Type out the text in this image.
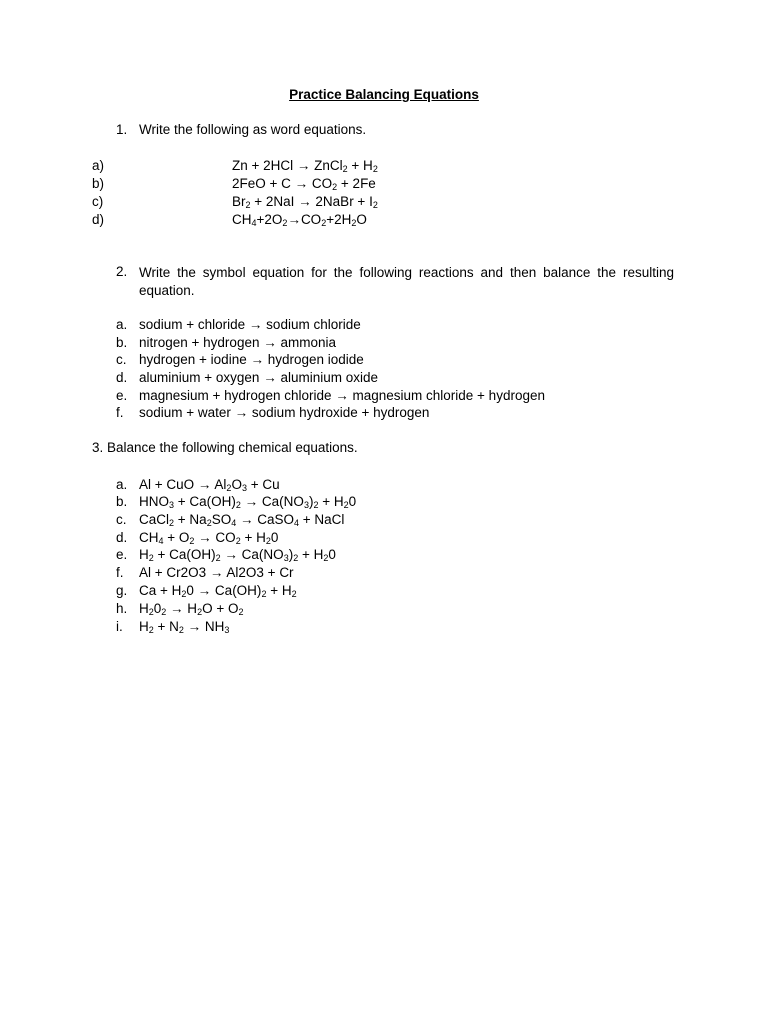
Practice Balancing Equations
1. Write the following as word equations.
a)	Zn + 2HCl → ZnCl$_2$ + $H_2$
b)	$2FeO + C \to CO_2 + 2Fe$
c)	$Br_2 + 2NaI$ → 2NaBr + $I_2$
d)	$CH_4+2O_2\to CO_2+2H_2O$
2. Write the symbol equation for the following reactions and then balance the resulting equation.
a. sodium + chloride → sodium chloride
b. nitrogen + hydrogen → ammonia
c. hydrogen + iodine → hydrogen iodide
d. aluminium + oxygen → aluminium oxide
e. magnesium + hydrogen chloride → magnesium chloride + hydrogen
f. sodium + water → sodium hydroxide + hydrogen
3. Balance the following chemical equations.
a. Al + CuO → $Al_2O_3 + Cu$
b. $HNO_3 + Ca(OH)_2 \to Ca(NO_3)_2 + H_20$
c. CaCl$_2$ + $Na_2SO_4$ → CaSO$_4$ + NaCl
d. $CH_4 + O_2 \to CO_2 + H_20$
e. $H_2 + Ca(OH)_2 \to Ca(NO_3)_2 + H_20$
f. Al + Cr2O3 → Al2O3 + Cr
g. $Ca + H_20 \to Ca(OH)_2 + H_2$
h. $H_20_2 \to H_2O + O_2$
i. $H_2 + N_2 \to NH_3$
